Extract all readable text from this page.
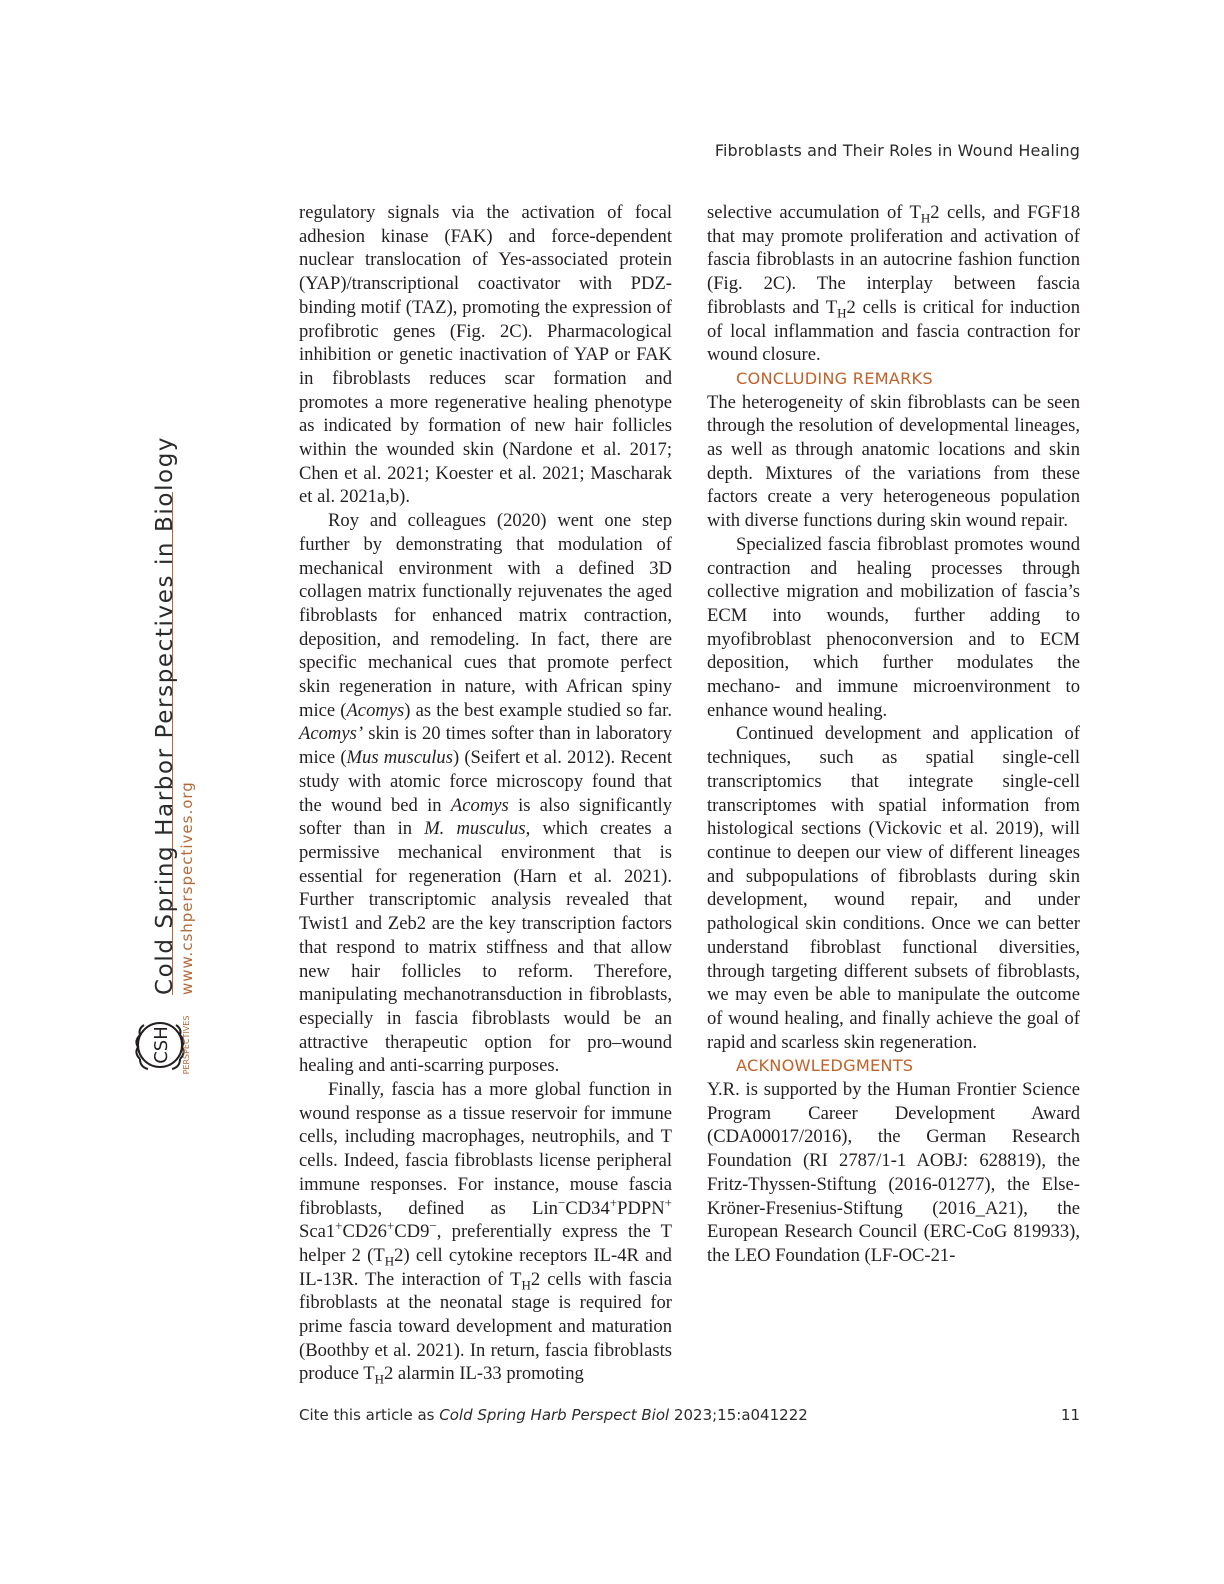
Fibroblasts and Their Roles in Wound Healing
Cold Spring Harbor Perspectives in Biology www.cshperspectives.org
CSH PERSPECTIVES

regulatory signals via the activation of focal adhesion kinase (FAK) and force-dependent nuclear translocation of Yes-associated protein (YAP)/transcriptional coactivator with PDZ-binding motif (TAZ), promoting the expression of profibrotic genes (Fig. 2C). Pharmacological inhibition or genetic inactivation of YAP or FAK in fibroblasts reduces scar formation and promotes a more regenerative healing phenotype as indicated by formation of new hair follicles within the wounded skin (Nardone et al. 2017; Chen et al. 2021; Koester et al. 2021; Mascharak et al. 2021a,b).

Roy and colleagues (2020) went one step further by demonstrating that modulation of mechanical environment with a defined 3D collagen matrix functionally rejuvenates the aged fibroblasts for enhanced matrix contraction, deposition, and remodeling. In fact, there are specific mechanical cues that promote perfect skin regeneration in nature, with African spiny mice (Acomys) as the best example studied so far. Acomys’ skin is 20 times softer than in laboratory mice (Mus musculus) (Seifert et al. 2012). Recent study with atomic force microscopy found that the wound bed in Acomys is also significantly softer than in M. musculus, which creates a permissive mechanical environment that is essential for regeneration (Harn et al. 2021). Further transcriptomic analysis revealed that Twist1 and Zeb2 are the key transcription factors that respond to matrix stiffness and that allow new hair follicles to reform. Therefore, manipulating mechanotransduction in fibroblasts, especially in fascia fibroblasts would be an attractive therapeutic option for pro–wound healing and anti-scarring purposes.

Finally, fascia has a more global function in wound response as a tissue reservoir for immune cells, including macrophages, neutrophils, and T cells. Indeed, fascia fibroblasts license peripheral immune responses. For instance, mouse fascia fibroblasts, defined as Lin−CD34+PDPN+ Sca1+CD26+CD9−, preferentially express the T helper 2 $(T_H2)$ cell cytokine receptors IL-4R and IL-13R. The interaction of $T_H2$ cells with fascia fibroblasts at the neonatal stage is required for prime fascia toward development and maturation (Boothby et al. 2021). In return, fascia fibroblasts produce $T_H2$ alarmin IL-33 promoting

selective accumulation of $T_H2$ cells, and FGF18 that may promote proliferation and activation of fascia fibroblasts in an autocrine fashion function (Fig. 2C). The interplay between fascia fibroblasts and $T_H2$ cells is critical for induction of local inflammation and fascia contraction for wound closure.

CONCLUDING REMARKS

The heterogeneity of skin fibroblasts can be seen through the resolution of developmental lineages, as well as through anatomic locations and skin depth. Mixtures of the variations from these factors create a very heterogeneous population with diverse functions during skin wound repair.

Specialized fascia fibroblast promotes wound contraction and healing processes through collective migration and mobilization of fascia’s ECM into wounds, further adding to myofibroblast phenoconversion and to ECM deposition, which further modulates the mechano- and immune microenvironment to enhance wound healing.

Continued development and application of techniques, such as spatial single-cell transcriptomics that integrate single-cell transcriptomes with spatial information from histological sections (Vickovic et al. 2019), will continue to deepen our view of different lineages and subpopulations of fibroblasts during skin development, wound repair, and under pathological skin conditions. Once we can better understand fibroblast functional diversities, through targeting different subsets of fibroblasts, we may even be able to manipulate the outcome of wound healing, and finally achieve the goal of rapid and scarless skin regeneration.

ACKNOWLEDGMENTS

Y.R. is supported by the Human Frontier Science Program Career Development Award (CDA00017/2016), the German Research Foundation (RI 2787/1-1 AOBJ: 628819), the Fritz-Thyssen-Stiftung (2016-01277), the Else-Kröner-Fresenius-Stiftung (2016_A21), the European Research Council (ERC-CoG 819933), the LEO Foundation (LF-OC-21-

Cite this article as Cold Spring Harb Perspect Biol 2023;15:a041222	11
